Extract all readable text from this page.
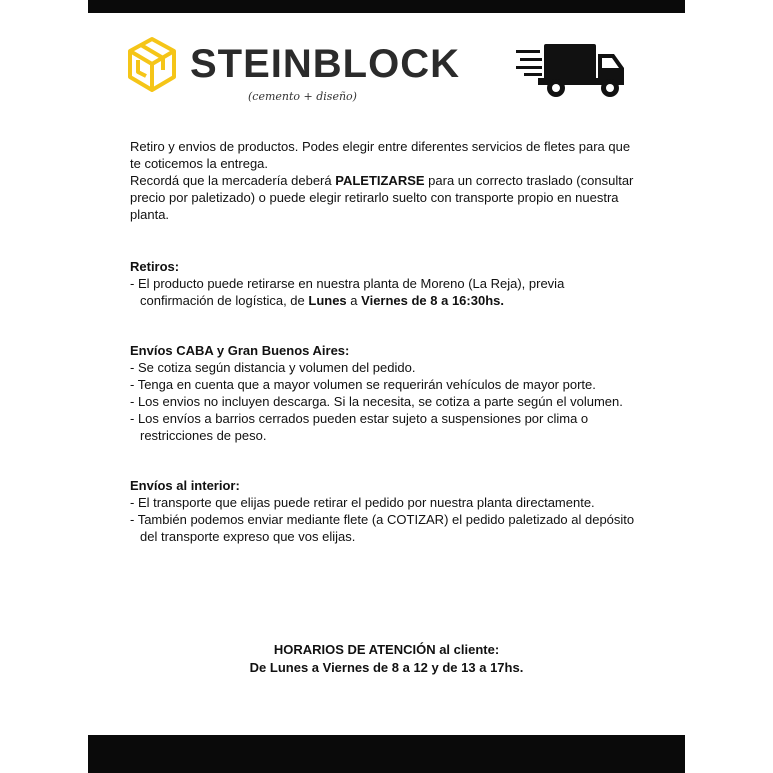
STEINBLOCK
(cemento + diseño)

Retiro y envios de productos. Podes elegir entre diferentes servicios de fletes para que te coticemos la entrega.

Recordá que la mercadería deberá PALETIZARSE para un correcto traslado (consultar precio por paletizado) o puede elegir retirarlo suelto con transporte propio en nuestra planta.

Retiros:

- El producto puede retirarse en nuestra planta de Moreno (La Reja), previa confirmación de logística, de Lunes a Viernes de 8 a 16:30hs.

Envíos CABA y Gran Buenos Aires:

- Se cotiza según distancia y volumen del pedido.

- Tenga en cuenta que a mayor volumen se requerirán vehículos de mayor porte.

- Los envios no incluyen descarga. Si la necesita, se cotiza a parte según el volumen.

- Los envíos a barrios cerrados pueden estar sujeto a suspensiones por clima o restricciones de peso.

Envíos al interior:

- El transporte que elijas puede retirar el pedido por nuestra planta directamente.

- También podemos enviar mediante flete (a COTIZAR) el pedido paletizado al depósito del transporte expreso que vos elijas.

HORARIOS DE ATENCIÓN al cliente:
De Lunes a Viernes de 8 a 12 y de 13 a 17hs.
